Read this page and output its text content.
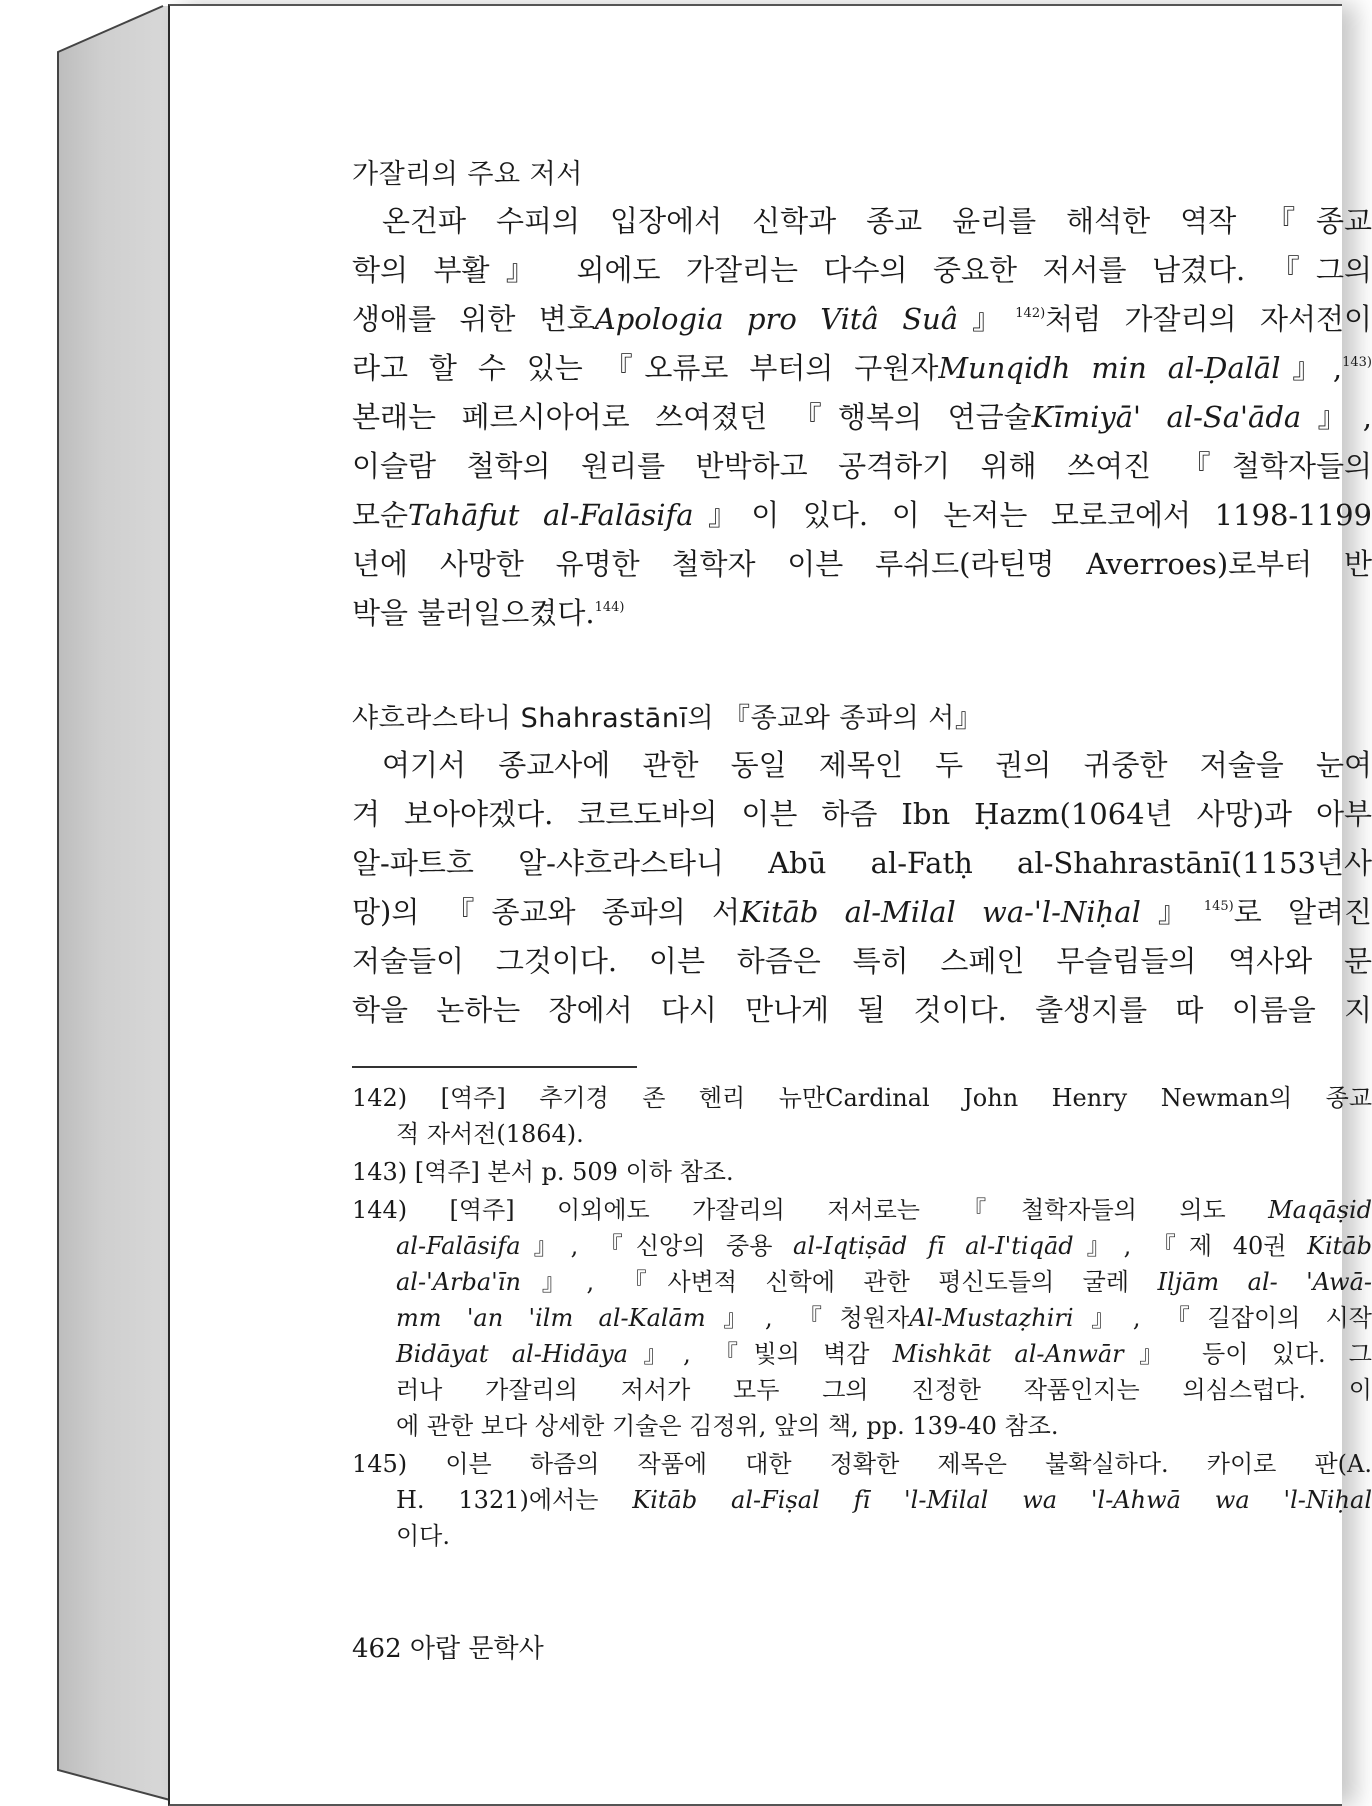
가잘리의 주요 저서
온건파 수피의 입장에서 신학과 종교 윤리를 해석한 역작 『종교
학의 부활』 외에도 가잘리는 다수의 중요한 저서를 남겼다. 『그의
생애를 위한 변호Apologia pro Vitâ Suâ』$^{142)}$처럼 가잘리의 자서전이
라고 할 수 있는 『오류로 부터의 구원자Munqidh min al-Ḍalāl』,$^{143)}$
본래는 페르시아어로 쓰여졌던 『행복의 연금술Kīmiyā' al-Sa'āda』,
이슬람 철학의 원리를 반박하고 공격하기 위해 쓰여진 『철학자들의
모순Tahāfut al-Falāsifa』이 있다. 이 논저는 모로코에서 1198-1199
년에 사망한 유명한 철학자 이븐 루쉬드(라틴명 Averroes)로부터 반
박을 불러일으켰다.$^{144)}$
샤흐라스타니 Shahrastānī의 『종교와 종파의 서』
여기서 종교사에 관한 동일 제목인 두 권의 귀중한 저술을 눈여
겨 보아야겠다. 코르도바의 이븐 하즘 Ibn Ḥazm(1064년 사망)과 아부
알-파트흐 알-샤흐라스타니 Abū al-Fatḥ al-Shahrastānī(1153년사
망)의 『종교와 종파의 서Kitāb al-Milal wa-'l-Niḥal』$^{145)}$로 알려진
저술들이 그것이다. 이븐 하즘은 특히 스페인 무슬림들의 역사와 문
학을 논하는 장에서 다시 만나게 될 것이다. 출생지를 따 이름을 지
142) [역주] 추기경 존 헨리 뉴만Cardinal John Henry Newman의 종교
적 자서전(1864).
143) [역주] 본서 p. 509 이하 참조.
144) [역주] 이외에도 가잘리의 저서로는 『철학자들의 의도 Maqāṣid
al-Falāsifa』, 『신앙의 중용 al-Iqtiṣād fī al-I'tiqād』, 『제 40권 Kitāb
al-'Arba'īn』, 『사변적 신학에 관한 평신도들의 굴레 Iljām al- 'Awā-
mm 'an 'ilm al-Kalām』, 『청원자Al-Mustaẓhiri』, 『길잡이의 시작
Bidāyat al-Hidāya』, 『빛의 벽감 Mishkāt al-Anwār』 등이 있다. 그
러나 가잘리의 저서가 모두 그의 진정한 작품인지는 의심스럽다. 이
에 관한 보다 상세한 기술은 김정위, 앞의 책, pp. 139-40 참조.
145) 이븐 하즘의 작품에 대한 정확한 제목은 불확실하다. 카이로 판(A.
H. 1321)에서는 Kitāb al-Fiṣal fī 'l-Milal wa 'l-Ahwā wa 'l-Niḥal
이다.
462 아랍 문학사
